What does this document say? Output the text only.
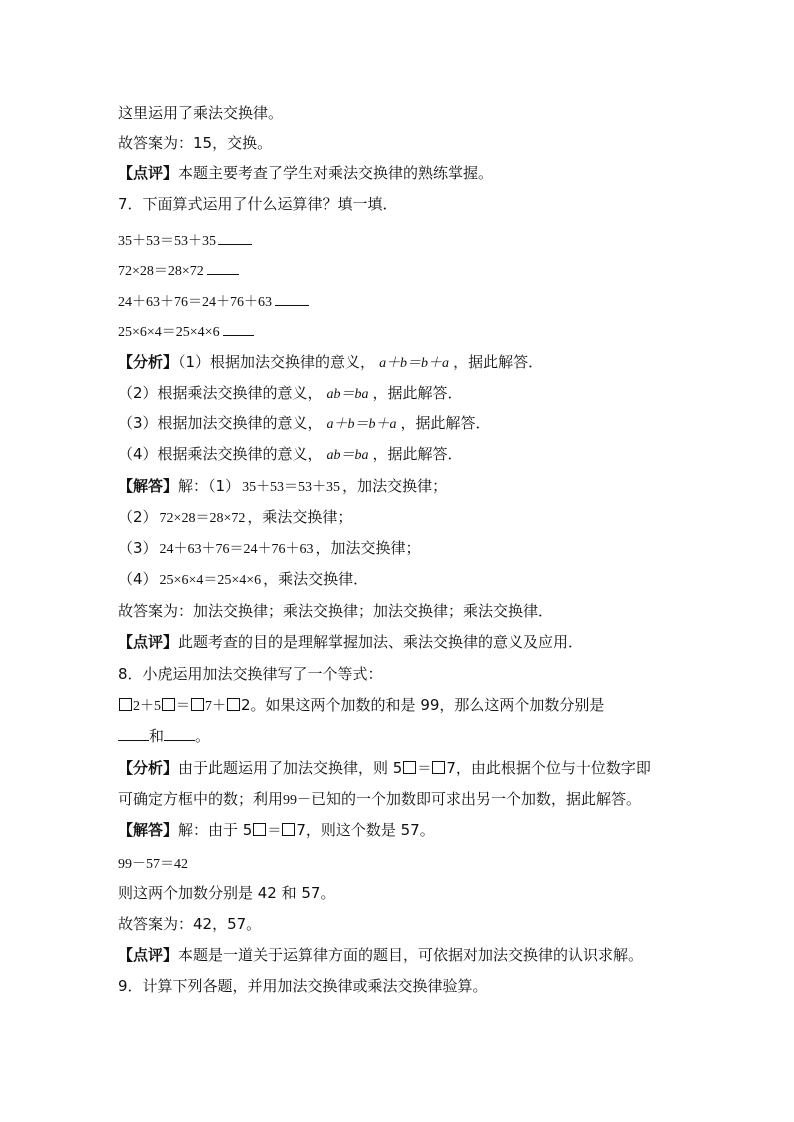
这里运用了乘法交换律。
故答案为：15，交换。
【点评】本题主要考查了学生对乘法交换律的熟练掌握。
7．下面算式运用了什么运算律？填一填．
35＋53＝53＋35
72×28＝28×72
24＋63＋76＝24＋76＋63
25×6×4＝25×4×6
【分析】（1）根据加法交换律的意义， a＋b＝b＋a ，据此解答．
（2）根据乘法交换律的意义， ab＝ba ，据此解答．
（3）根据加法交换律的意义， a＋b＝b＋a ，据此解答．
（4）根据乘法交换律的意义， ab＝ba ，据此解答．
【解答】解：（1） 35＋53＝53＋35 ，加法交换律；
（2） 72×28＝28×72 ，乘法交换律；
（3） 24＋63＋76＝24＋76＋63 ，加法交换律；
（4） 25×6×4＝25×4×6 ，乘法交换律．
故答案为：加法交换律；乘法交换律；加法交换律；乘法交换律．
【点评】此题考查的目的是理解掌握加法、乘法交换律的意义及应用．
8．小虎运用加法交换律写了一个等式：
2＋5 ＝ 7＋ 2。如果这两个加数的和是 99，那么这两个加数分别是
和 。
【分析】由于此题运用了加法交换律，则 5 ＝ 7，由此根据个位与十位数字即
可确定方框中的数；利用99－已知的一个加数即可求出另一个加数，据此解答。
【解答】解：由于 5 ＝ 7，则这个数是 57。
99－57＝42
则这两个加数分别是 42 和 57。
故答案为：42，57。
【点评】本题是一道关于运算律方面的题目，可依据对加法交换律的认识求解。
9．计算下列各题，并用加法交换律或乘法交换律验算。
